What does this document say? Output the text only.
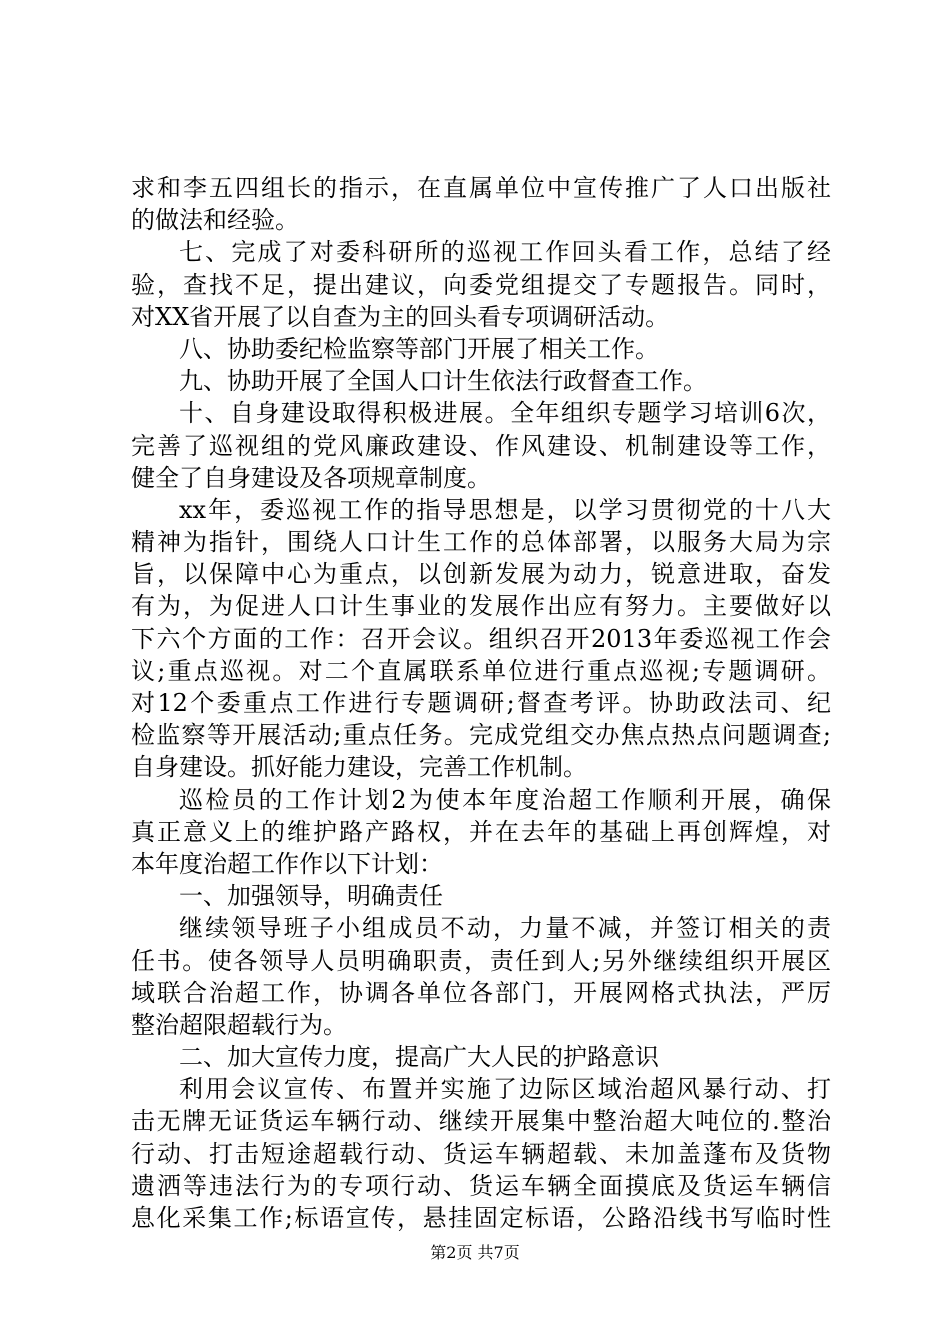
求和李五四组长的指示，在直属单位中宣传推广了人口出版社
的做法和经验。
七、完成了对委科研所的巡视工作回头看工作，总结了经
验，查找不足，提出建议，向委党组提交了专题报告。同时，
对XX省开展了以自查为主的回头看专项调研活动。
八、协助委纪检监察等部门开展了相关工作。
九、协助开展了全国人口计生依法行政督查工作。
十、自身建设取得积极进展。全年组织专题学习培训6次，
完善了巡视组的党风廉政建设、作风建设、机制建设等工作，
健全了自身建设及各项规章制度。
xx年，委巡视工作的指导思想是，以学习贯彻党的十八大
精神为指针，围绕人口计生工作的总体部署，以服务大局为宗
旨，以保障中心为重点，以创新发展为动力，锐意进取，奋发
有为，为促进人口计生事业的发展作出应有努力。主要做好以
下六个方面的工作：召开会议。组织召开2013年委巡视工作会
议;重点巡视。对二个直属联系单位进行重点巡视;专题调研。
对12个委重点工作进行专题调研;督查考评。协助政法司、纪
检监察等开展活动;重点任务。完成党组交办焦点热点问题调查;
自身建设。抓好能力建设，完善工作机制。
巡检员的工作计划2为使本年度治超工作顺利开展，确保
真正意义上的维护路产路权，并在去年的基础上再创辉煌，对
本年度治超工作作以下计划：
一、加强领导，明确责任
继续领导班子小组成员不动，力量不减，并签订相关的责
任书。使各领导人员明确职责，责任到人;另外继续组织开展区
域联合治超工作，协调各单位各部门，开展网格式执法，严厉
整治超限超载行为。
二、加大宣传力度，提高广大人民的护路意识
利用会议宣传、布置并实施了边际区域治超风暴行动、打
击无牌无证货运车辆行动、继续开展集中整治超大吨位的.整治
行动、打击短途超载行动、货运车辆超载、未加盖蓬布及货物
遗洒等违法行为的专项行动、货运车辆全面摸底及货运车辆信
息化采集工作;标语宣传，悬挂固定标语，公路沿线书写临时性
第2页 共7页
